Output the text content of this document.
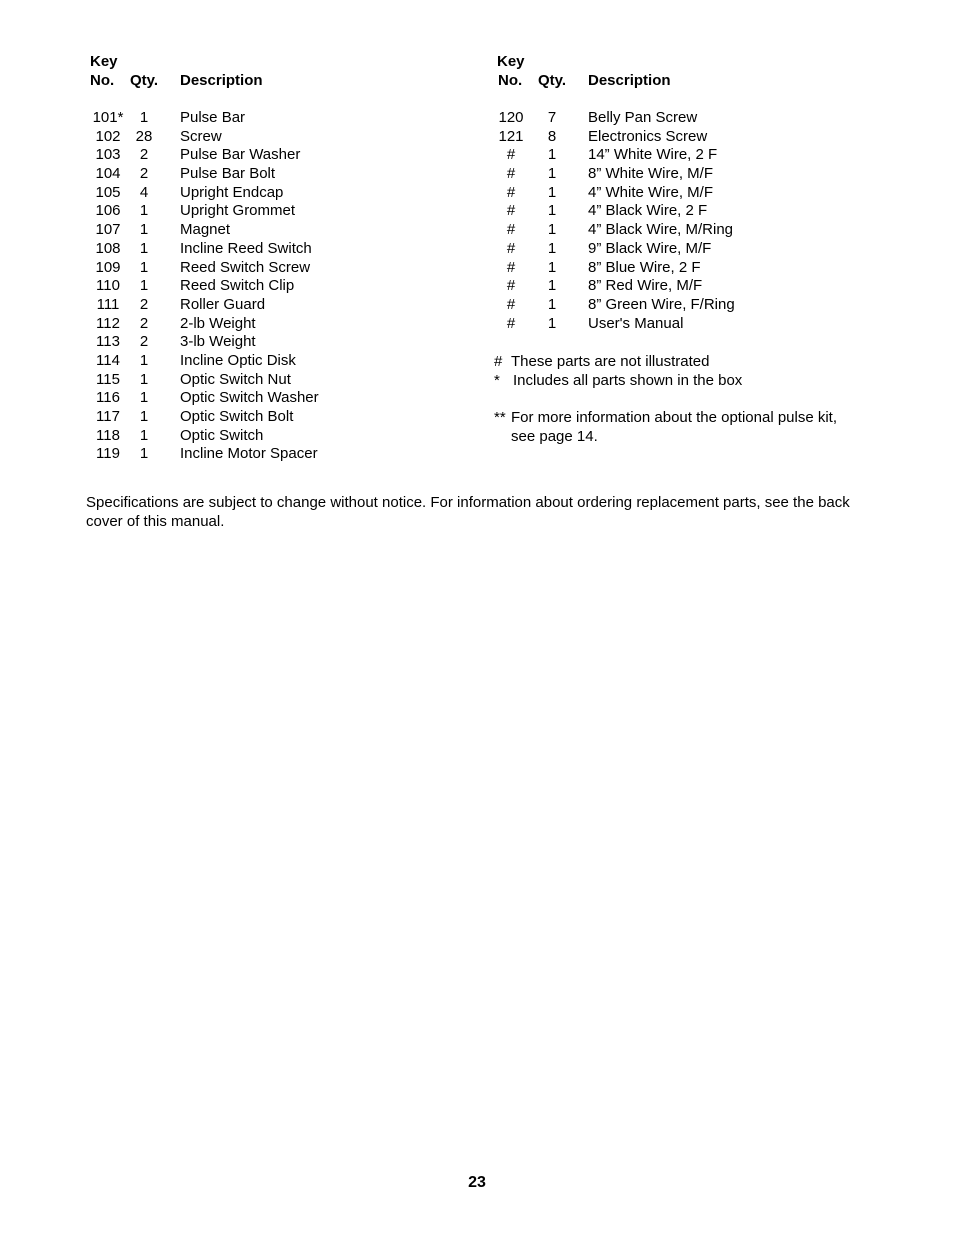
Key
No. Qty. Description
101*	1	Pulse Bar
102	28	Screw
103	2	Pulse Bar Washer
104	2	Pulse Bar Bolt
105	4	Upright Endcap
106	1	Upright Grommet
107	1	Magnet
108	1	Incline Reed Switch
109	1	Reed Switch Screw
110	1	Reed Switch Clip
111	2	Roller Guard
112	2	2-lb Weight
113	2	3-lb Weight
114	1	Incline Optic Disk
115	1	Optic Switch Nut
116	1	Optic Switch Washer
117	1	Optic Switch Bolt
118	1	Optic Switch
119	1	Incline Motor Spacer
Key
No. Qty. Description
120	7	Belly Pan Screw
121	8	Electronics Screw
#	1	14” White Wire, 2 F
#	1	8” White Wire, M/F
#	1	4” White Wire, M/F
#	1	4” Black Wire, 2 F
#	1	4” Black Wire, M/Ring
#	1	9” Black Wire, M/F
#	1	8” Blue Wire, 2 F
#	1	8” Red Wire, M/F
#	1	8” Green Wire, F/Ring
#	1	User's Manual
# These parts are not illustrated
* Includes all parts shown in the box
** For more information about the optional pulse kit, see page 14.
Specifications are subject to change without notice. For information about ordering replacement parts, see the back cover of this manual.
23
